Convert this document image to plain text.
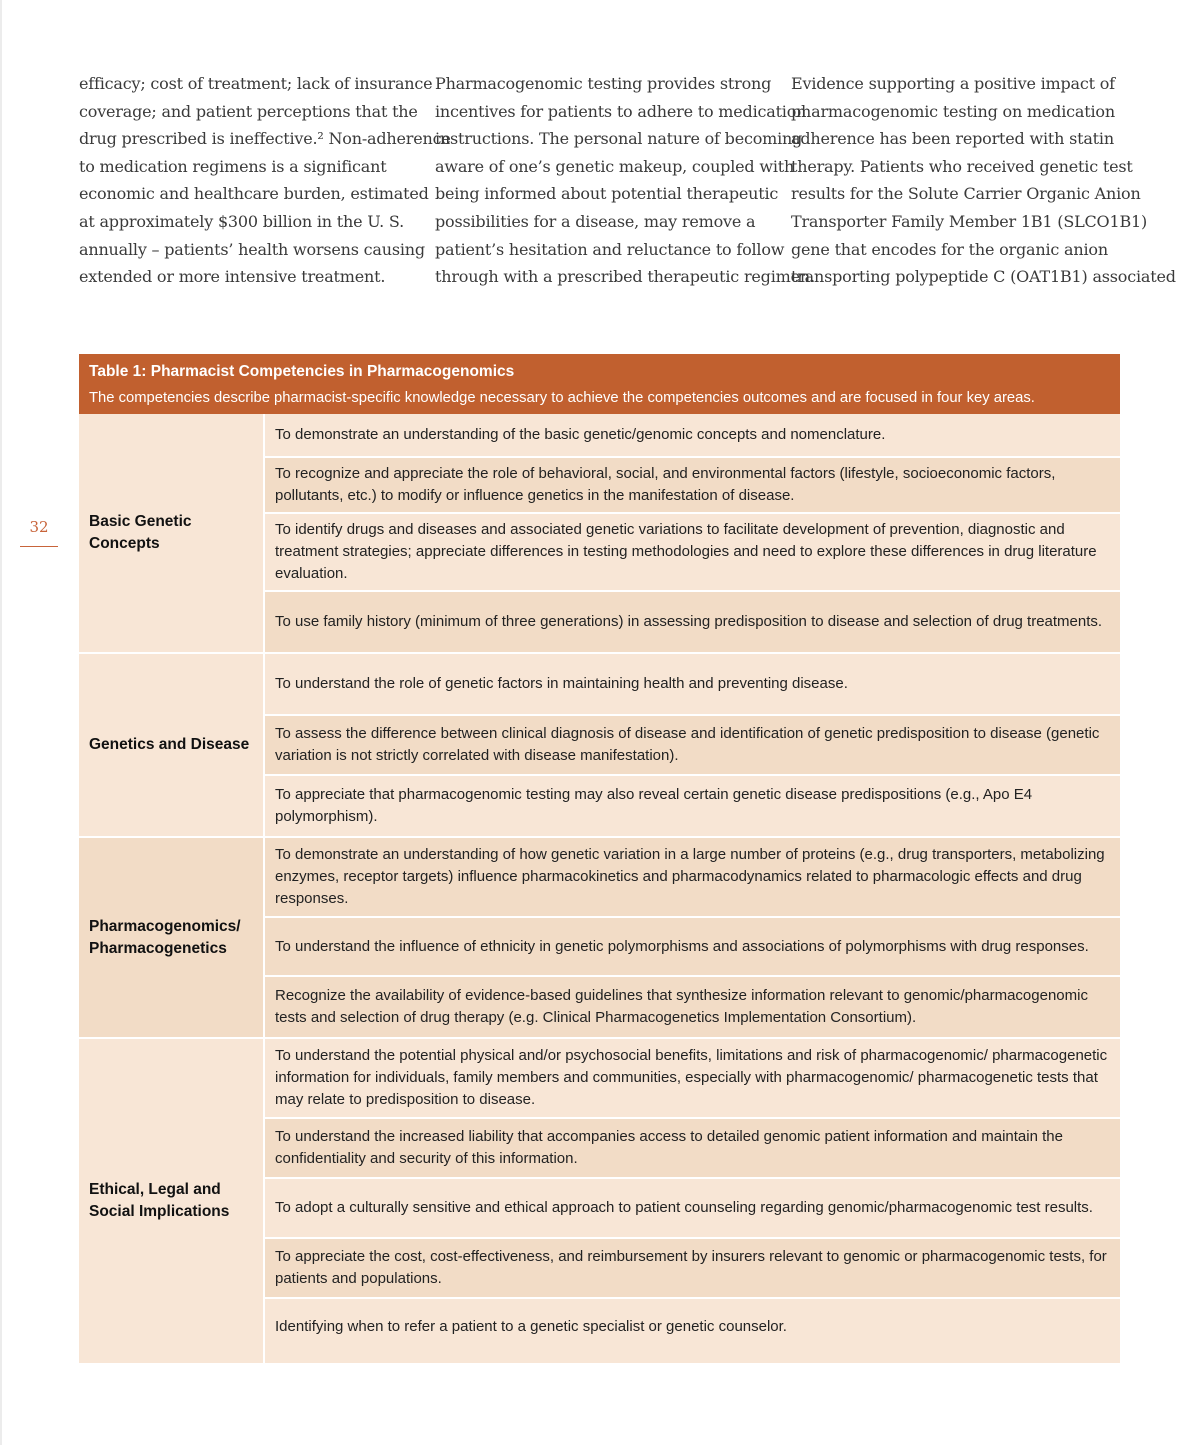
efficacy; cost of treatment; lack of insurance

coverage; and patient perceptions that the

drug prescribed is ineffective.² Non-adherence

to medication regimens is a significant

economic and healthcare burden, estimated

at approximately $300 billion in the U. S.

annually – patients’ health worsens causing

extended or more intensive treatment.

Pharmacogenomic testing provides strong

incentives for patients to adhere to medication

instructions. The personal nature of becoming

aware of one’s genetic makeup, coupled with

being informed about potential therapeutic

possibilities for a disease, may remove a

patient’s hesitation and reluctance to follow

through with a prescribed therapeutic regimen.

Evidence supporting a positive impact of

pharmacogenomic testing on medication

adherence has been reported with statin

therapy. Patients who received genetic test

results for the Solute Carrier Organic Anion

Transporter Family Member 1B1 (SLCO1B1)

gene that encodes for the organic anion

transporting polypeptide C (OAT1B1) associated

32
Table 1: Pharmacist Competencies in Pharmacogenomics
The competencies describe pharmacist-specific knowledge necessary to achieve the competencies outcomes and are focused in four key areas.
Basic Genetic Concepts
To demonstrate an understanding of the basic genetic/genomic concepts and nomenclature.
To recognize and appreciate the role of behavioral, social, and environmental factors (lifestyle, socioeconomic factors, pollutants, etc.) to modify or influence genetics in the manifestation of disease.
To identify drugs and diseases and associated genetic variations to facilitate development of prevention, diagnostic and treatment strategies; appreciate differences in testing methodologies and need to explore these differences in drug literature evaluation.
To use family history (minimum of three generations) in assessing predisposition to disease and selection of drug treatments.
Genetics and Disease
To understand the role of genetic factors in maintaining health and preventing disease.
To assess the difference between clinical diagnosis of disease and identification of genetic predisposition to disease (genetic variation is not strictly correlated with disease manifestation).
To appreciate that pharmacogenomic testing may also reveal certain genetic disease predispositions (e.g., Apo E4 polymorphism).
Pharmacogenomics/ Pharmacogenetics
To demonstrate an understanding of how genetic variation in a large number of proteins (e.g., drug transporters, metabolizing enzymes, receptor targets) influence pharmacokinetics and pharmacodynamics related to pharmacologic effects and drug responses.
To understand the influence of ethnicity in genetic polymorphisms and associations of polymorphisms with drug responses.
Recognize the availability of evidence-based guidelines that synthesize information relevant to genomic/pharmacogenomic tests and selection of drug therapy (e.g. Clinical Pharmacogenetics Implementation Consortium).
Ethical, Legal and Social Implications
To understand the potential physical and/or psychosocial benefits, limitations and risk of pharmacogenomic/ pharmacogenetic information for individuals, family members and communities, especially with pharmacogenomic/ pharmacogenetic tests that may relate to predisposition to disease.
To understand the increased liability that accompanies access to detailed genomic patient information and maintain the confidentiality and security of this information.
To adopt a culturally sensitive and ethical approach to patient counseling regarding genomic/pharmacogenomic test results.
To appreciate the cost, cost-effectiveness, and reimbursement by insurers relevant to genomic or pharmacogenomic tests, for patients and populations.
Identifying when to refer a patient to a genetic specialist or genetic counselor.
